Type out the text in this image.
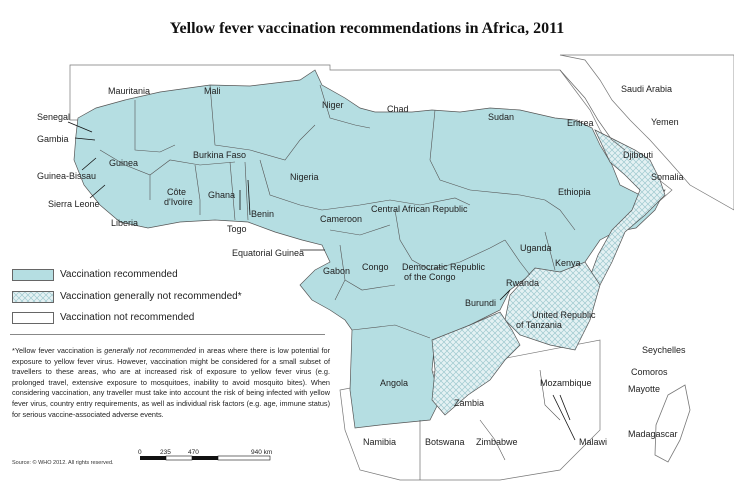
Yellow fever vaccination recommendations in Africa, 2011
Mauritania	Mali
Niger	Chad
Sudan
Eritrea
Saudi Arabia
Yemen
Djibouti
Somalia
Ethiopia
Senegal
Gambia
Guinea-Bissau
Guinea
Sierra Leone
Liberia
Côte
d'Ivoire
Burkina Faso
Ghana
Togo
Benin
Nigeria
Cameroon
Central African Republic
Equatorial Guinea
Gabon Congo Democratic Republic
of the Congo
Uganda
Kenya
Rwanda
Burundi
United Republic
of Tanzania
Angola
Zambia
Seychelles
Comoros
Mayotte
Mozambique
Madagascar
Malawi
Namibia	Botswana Zimbabwe
Vaccination recommended
Vaccination generally not recommended*
Vaccination not recommended
*Yellow fever vaccination is generally not recommended in areas where there is low potential for exposure to yellow fever virus. However, vaccination might be considered for a small subset of travellers to these areas, who are at increased risk of exposure to yellow fever virus (e.g. prolonged travel, extensive exposure to mosquitoes, inability to avoid mosquito bites). When considering vaccination, any traveller must take into account the risk of being infected with yellow fever virus, country entry requirements, as well as individual risk factors (e.g. age, immune status) for serious vaccine-associated adverse events.
Source: © WHO 2012. All rights reserved.
0	235	470	940 km
